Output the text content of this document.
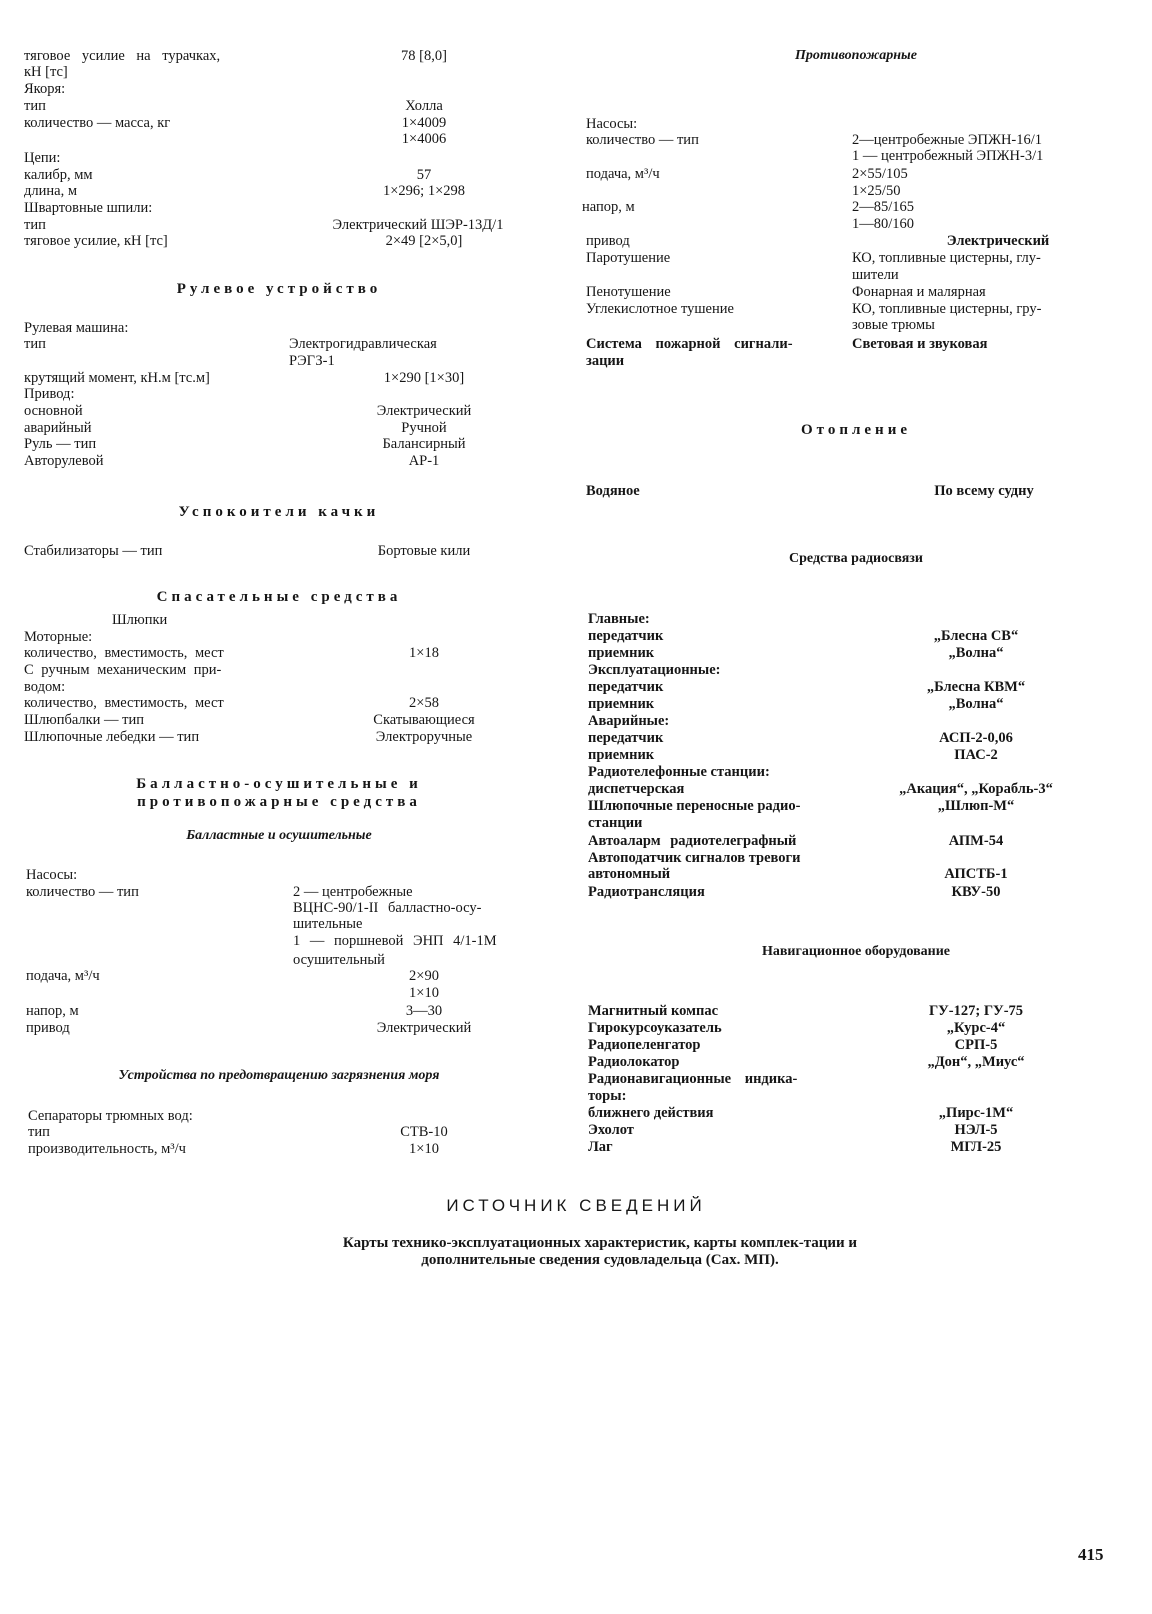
тяговое усилие на турачках,	78 [8,0]
кН [тс]
Якоря:
тип	Холла
количество — масса, кг	1×4009
1×4006
Цепи:
калибр, мм	57
длина, м	1×296; 1×298
Швартовные шпили:
тип	Электрический ШЭР-13Д/1
тяговое усилие, кН [тс]	2×49 [2×5,0]
Рулевое устройство
Рулевая машина:
тип	Электрогидравлическая
РЭГЗ-1
крутящий момент, кН.м [тс.м]	1×290 [1×30]
Привод:
основной	Электрический
аварийный	Ручной
Руль — тип	Балансирный
Авторулевой	АР-1
Успокоители качки
Стабилизаторы — тип	Бортовые кили
Спасательные средства
Шлюпки
Моторные:
количество, вместимость, мест	1×18
С ручным механическим при-
водом:
количество, вместимость, мест	2×58
Шлюпбалки — тип	Скатывающиеся
Шлюпочные лебедки — тип	Электроручные
Балластно-осушительные и
противопожарные средства
Балластные и осушительные
Насосы:
количество — тип	2 — центробежные
ВЦНС-90/1-II балластно-осу-
шительные
1 — поршневой ЭНП 4/1-1М
осушительный
подача, м³/ч	2×90
1×10
напор, м	3—30
привод	Электрический
Устройства по предотвращению загрязнения моря
Сепараторы трюмных вод:
тип	СТВ-10
производительность, м³/ч	1×10
Противопожарные
Насосы:
количество — тип	2—центробежные ЭПЖН-16/1
1 — центробежный ЭПЖН-3/1
подача, м³/ч	2×55/105
1×25/50
напор, м	2—85/165
1—80/160
привод	Электрический
Паротушение	КО, топливные цистерны, глу-
шители
Пенотушение	Фонарная и малярная
Углекислотное тушение	КО, топливные цистерны, гру-
зовые трюмы
Система пожарной сигнали-	Световая и звуковая
зации
Отопление
Водяное	По всему судну
Средства радиосвязи
Главные:
передатчик	„Блесна СВ“
приемник	„Волна“
Эксплуатационные:
передатчик	„Блесна КВМ“
приемник	„Волна“
Аварийные:
передатчик	АСП-2-0,06
приемник	ПАС-2
Радиотелефонные станции:
диспетчерская	„Акация“, „Корабль-3“
Шлюпочные переносные радио-	„Шлюп-М“
станции
Автоаларм радиотелеграфный	АПМ-54
Автоподатчик сигналов тревоги
автономный	АПСТБ-1
Радиотрансляция	КВУ-50
Навигационное оборудование
Магнитный компас	ГУ-127; ГУ-75
Гирокурсоуказатель	„Курс-4“
Радиопеленгатор	СРП-5
Радиолокатор	„Дон“, „Миус“
Радионавигационные индика-
торы:
ближнего действия	„Пирс-1М“
Эхолот	НЭЛ-5
Лаг	МГЛ-25
ИСТОЧНИК СВЕДЕНИЙ
Карты технико-эксплуатационных характеристик, карты комплек-тации и дополнительные сведения судовладельца (Сах. МП).
415
